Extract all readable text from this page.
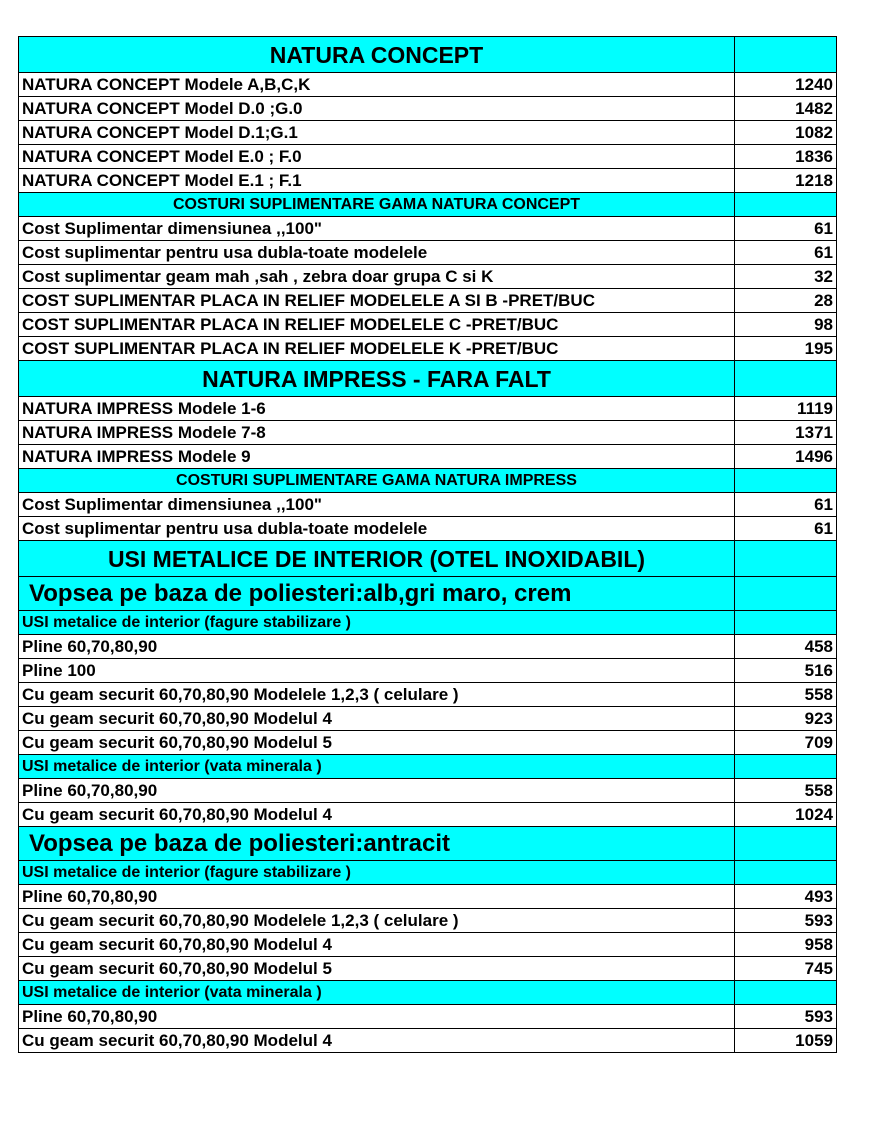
NATURA CONCEPT	
NATURA CONCEPT Modele A,B,C,K	1240
NATURA CONCEPT Model D.0 ;G.0	1482
NATURA CONCEPT Model D.1;G.1	1082
NATURA CONCEPT Model E.0 ; F.0	1836
NATURA CONCEPT Model E.1 ; F.1	1218
COSTURI SUPLIMENTARE GAMA NATURA CONCEPT	
Cost Suplimentar dimensiunea ,,100"	61
Cost suplimentar pentru usa dubla-toate modelele	61
Cost suplimentar geam mah ,sah , zebra doar grupa C si K	32
COST SUPLIMENTAR PLACA IN RELIEF MODELELE A SI B -PRET/BUC	28
COST SUPLIMENTAR PLACA IN RELIEF MODELELE C -PRET/BUC	98
COST SUPLIMENTAR PLACA IN RELIEF MODELELE K -PRET/BUC	195
NATURA IMPRESS - FARA FALT	
NATURA IMPRESS Modele 1-6	1119
NATURA IMPRESS Modele 7-8	1371
NATURA IMPRESS Modele 9	1496
COSTURI SUPLIMENTARE GAMA NATURA IMPRESS	
Cost Suplimentar dimensiunea ,,100"	61
Cost suplimentar pentru usa dubla-toate modelele	61
USI METALICE DE INTERIOR (OTEL INOXIDABIL)	
Vopsea pe baza de poliesteri:alb,gri maro, crem	
USI metalice de interior (fagure stabilizare )	
Pline 60,70,80,90	458
Pline 100	516
Cu geam securit 60,70,80,90 Modelele 1,2,3 ( celulare )	558
Cu geam securit 60,70,80,90 Modelul 4	923
Cu geam securit 60,70,80,90 Modelul 5	709
USI metalice de interior (vata minerala )	
Pline 60,70,80,90	558
Cu geam securit 60,70,80,90 Modelul 4	1024
Vopsea pe baza de poliesteri:antracit	
USI metalice de interior (fagure stabilizare )	
Pline 60,70,80,90	493
Cu geam securit 60,70,80,90 Modelele 1,2,3 ( celulare )	593
Cu geam securit 60,70,80,90 Modelul 4	958
Cu geam securit 60,70,80,90 Modelul 5	745
USI metalice de interior (vata minerala )	
Pline 60,70,80,90	593
Cu geam securit 60,70,80,90 Modelul 4	1059
